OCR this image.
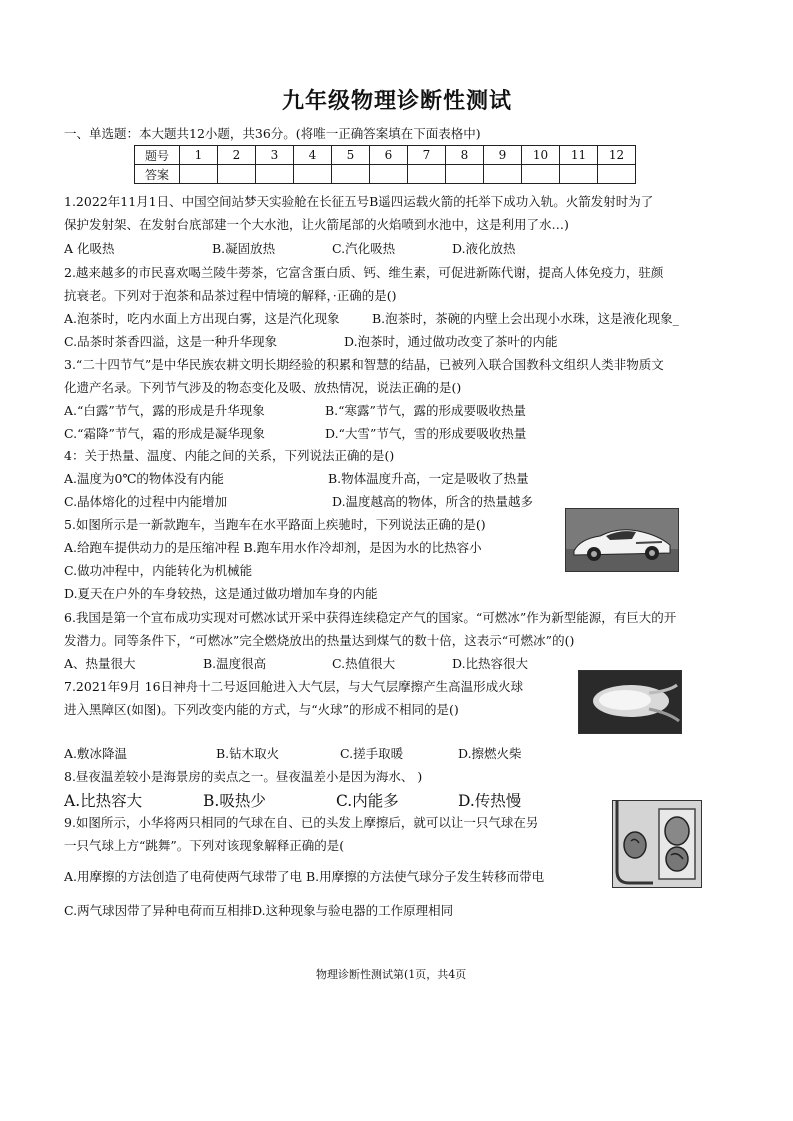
九年级物理诊断性测试
一、单选题：本大题共12小题，共36分。(将唯一正确答案填在下面表格中)
题号	1	2	3	4	5	6	7	8	9	10	11	12
答案												
1.2022年11月1日、中国空间站梦天实验舱在长征五号B遥四运载火箭的托举下成功入轨。火箭发射时为了
保护发射架、在发射台底部建一个大水池，让火箭尾部的火焰喷到水池中，这是利用了水…)
A 化吸热	B.凝固放热	C.汽化吸热	D.液化放热
2.越来越多的市民喜欢喝兰陵牛蒡茶，它富含蛋白质、钙、维生素，可促进新陈代谢，提高人体免疫力，驻颜
抗衰老。下列对于泡茶和品茶过程中情境的解释，·正确的是()
A.泡茶时，吃内水面上方出现白雾，这是汽化现象	B.泡茶时，茶碗的内壁上会出现小水珠，这是液化现象_
C.品茶时茶香四溢，这是一种升华现象	D.泡茶时，通过做功改变了茶叶的内能
3.“二十四节气”是中华民族农耕文明长期经验的积累和智慧的结晶，已被列入联合国教科文组织人类非物质文
化遗产名录。下列节气涉及的物态变化及吸、放热情况，说法正确的是()
A.“白露”节气，露的形成是升华现象	B.“寒露”节气，露的形成要吸收热量
C.“霜降”节气，霜的形成是凝华现象	D.“大雪”节气，雪的形成要吸收热量
4：关于热量、温度、内能之间的关系，下列说法正确的是()
A.温度为0℃的物体没有内能	B.物体温度升高，一定是吸收了热量
C.晶体熔化的过程中内能增加	D.温度越高的物体，所含的热量越多
5.如图所示是一新款跑车，当跑车在水平路面上疾驰时，下列说法正确的是()
A.给跑车提供动力的是压缩冲程 B.跑车用水作冷却剂，是因为水的比热容小
C.做功冲程中，内能转化为机械能
D.夏天在户外的车身较热，这是通过做功增加车身的内能
6.我国是第一个宣布成功实现对可燃冰试开采中获得连续稳定产气的国家。“可燃冰”作为新型能源，有巨大的开
发潜力。同等条件下，“可燃冰”完全燃烧放出的热量达到煤气的数十倍，这表示“可燃冰”的()
A、热量很大	B.温度很高	C.热值很大	D.比热容很大
7.2021年9月 16日神舟十二号返回舱进入大气层，与大气层摩擦产生高温形成火球
进入黑障区(如图)。下列改变内能的方式，与“火球”的形成不相同的是()
A.敷冰降温	B.钻木取火	C.搓手取暖	D.擦燃火柴
8.昼夜温差较小是海景房的卖点之一。昼夜温差小是因为海水、 )
A.比热容大	B.吸热少	C.内能多	D.传热慢
9.如图所示，小华将两只相同的气球在自、已的头发上摩擦后，就可以让一只气球在另
一只气球上方“跳舞”。下列对该现象解释正确的是(
A.用摩擦的方法创造了电荷使两气球带了电 B.用摩擦的方法使气球分子发生转移而带电
C.两气球因带了异种电荷而互相排D.这种现象与验电器的工作原理相同
物理诊断性测试第(1页，共4页
